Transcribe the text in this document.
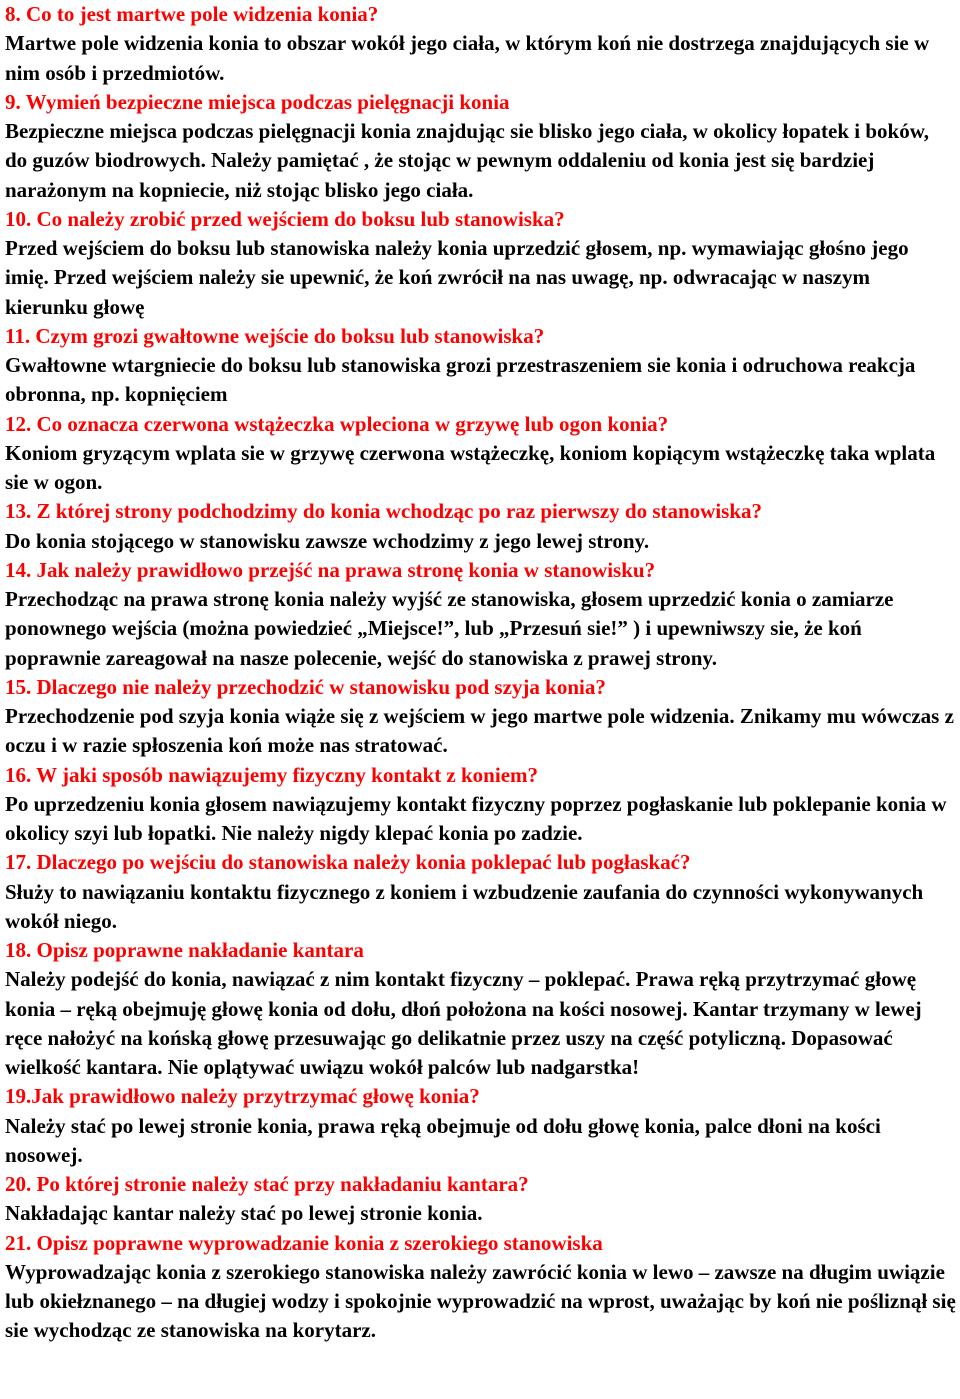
8. Co to jest martwe pole widzenia konia?
Martwe pole widzenia konia to obszar wokół jego ciała, w którym koń nie dostrzega znajdujących sie w nim osób i przedmiotów.
9. Wymień bezpieczne miejsca podczas pielęgnacji konia
Bezpieczne miejsca podczas pielęgnacji konia znajdując sie blisko jego ciała, w okolicy łopatek i boków, do guzów biodrowych. Należy pamiętać , że stojąc w pewnym oddaleniu od konia jest się bardziej narażonym na kopniecie, niż stojąc blisko jego ciała.
10. Co należy zrobić przed wejściem do boksu lub stanowiska?
Przed wejściem do boksu lub stanowiska należy konia uprzedzić głosem, np. wymawiając głośno jego imię. Przed wejściem należy sie upewnić, że koń zwrócił na nas uwagę, np. odwracając w naszym kierunku głowę
11. Czym grozi gwałtowne wejście do boksu lub stanowiska?
Gwałtowne wtargniecie do boksu lub stanowiska grozi przestraszeniem sie konia i odruchowa reakcja obronna, np. kopnięciem
12. Co oznacza czerwona wstążeczka wpleciona w grzywę lub ogon konia?
Koniom gryzącym wplata sie w grzywę czerwona wstążeczkę, koniom kopiącym wstążeczkę taka wplata sie w ogon.
13. Z której strony podchodzimy do konia wchodząc po raz pierwszy do stanowiska?
Do konia stojącego w stanowisku zawsze wchodzimy z jego lewej strony.
14. Jak należy prawidłowo przejść na prawa stronę konia w stanowisku?
Przechodząc na prawa stronę konia należy wyjść ze stanowiska, głosem uprzedzić konia o zamiarze ponownego wejścia (można powiedzieć „Miejsce!”, lub „Przesuń sie!” ) i upewniwszy sie, że koń poprawnie zareagował na nasze polecenie, wejść do stanowiska z prawej strony.
15. Dlaczego nie należy przechodzić w stanowisku pod szyja konia?
Przechodzenie pod szyja konia wiąże się z wejściem w jego martwe pole widzenia. Znikamy mu wówczas z oczu i w razie spłoszenia koń może nas stratować.
16. W jaki sposób nawiązujemy fizyczny kontakt z koniem?
Po uprzedzeniu konia głosem nawiązujemy kontakt fizyczny poprzez pogłaskanie lub poklepanie konia w okolicy szyi lub łopatki. Nie należy nigdy klepać konia po zadzie.
17. Dlaczego po wejściu do stanowiska należy konia poklepać lub pogłaskać?
Służy to nawiązaniu kontaktu fizycznego z koniem i wzbudzenie zaufania do czynności wykonywanych wokół niego.
18. Opisz poprawne nakładanie kantara
Należy podejść do konia, nawiązać z nim kontakt fizyczny – poklepać. Prawa ręką przytrzymać głowę konia – ręką obejmuję głowę konia od dołu, dłoń położona na kości nosowej. Kantar trzymany w lewej ręce nałożyć na końską głowę przesuwając go delikatnie przez uszy na część potyliczną. Dopasować wielkość kantara. Nie oplątywać uwiązu wokół palców lub nadgarstka!
19.Jak prawidłowo należy przytrzymać głowę konia?
Należy stać po lewej stronie konia, prawa ręką obejmuje od dołu głowę konia, palce dłoni na kości nosowej.
20. Po której stronie należy stać przy nakładaniu kantara?
Nakładając kantar należy stać po lewej stronie konia.
21. Opisz poprawne wyprowadzanie konia z szerokiego stanowiska
Wyprowadzając konia z szerokiego stanowiska należy zawrócić konia w lewo – zawsze na długim uwiązie lub okiełznanego – na długiej wodzy i spokojnie wyprowadzić na wprost, uważając by koń nie pośliznął się sie wychodząc ze stanowiska na korytarz.
